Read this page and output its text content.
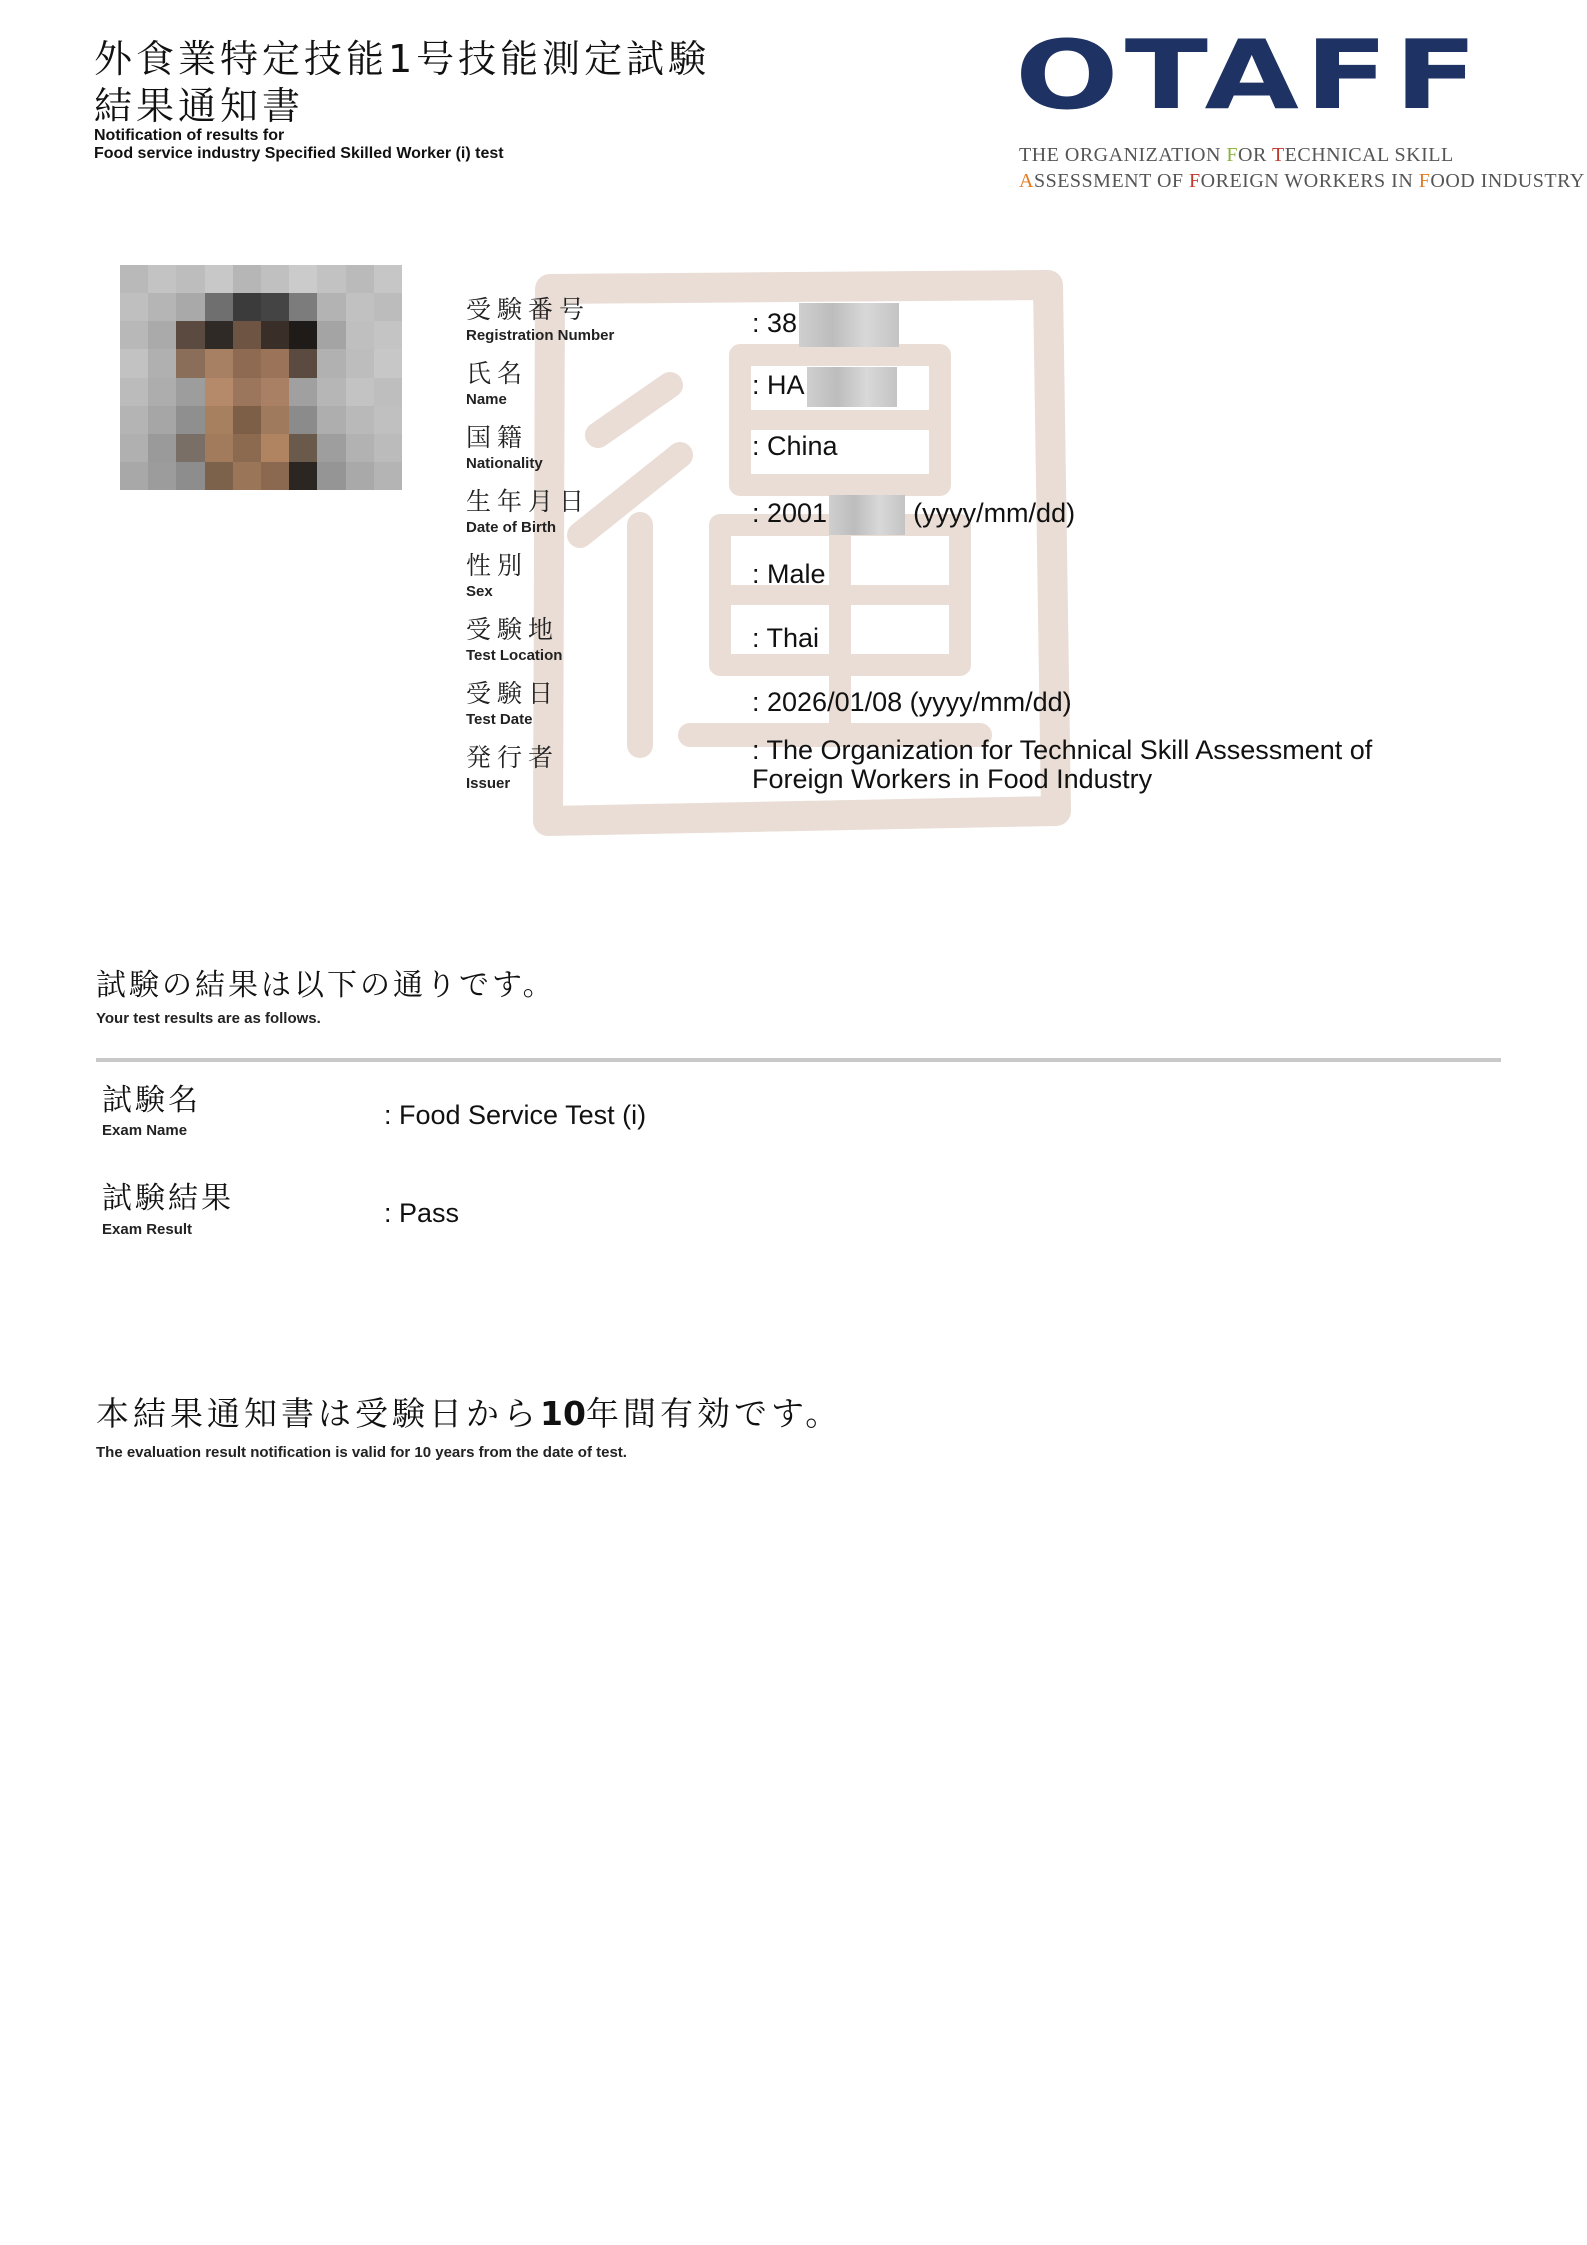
外食業特定技能1号技能測定試験
結果通知書
Notification of results for
Food service industry Specified Skilled Worker (i) test
OTAFF
THE ORGANIZATION FOR TECHNICAL SKILL
ASSESSMENT OF FOREIGN WORKERS IN FOOD INDUSTRY
受験番号
Registration Number	: 38
氏名
Name	: HA
国籍
Nationality
: China
生年月日
Date of Birth	: 2001	(yyyy/mm/dd)
性別
Sex
: Male
受験地
Test Location
: Thai
受験日
Test Date
: 2026/01/08 (yyyy/mm/dd)
発行者
Issuer
: The Organization for Technical Skill Assessment of
Foreign Workers in Food Industry
試験の結果は以下の通りです。
Your test results are as follows.
試験名
Exam Name
: Food Service Test (i)
試験結果
Exam Result
: Pass
本結果通知書は受験日から10年間有効です。
The evaluation result notification is valid for 10 years from the date of test.
